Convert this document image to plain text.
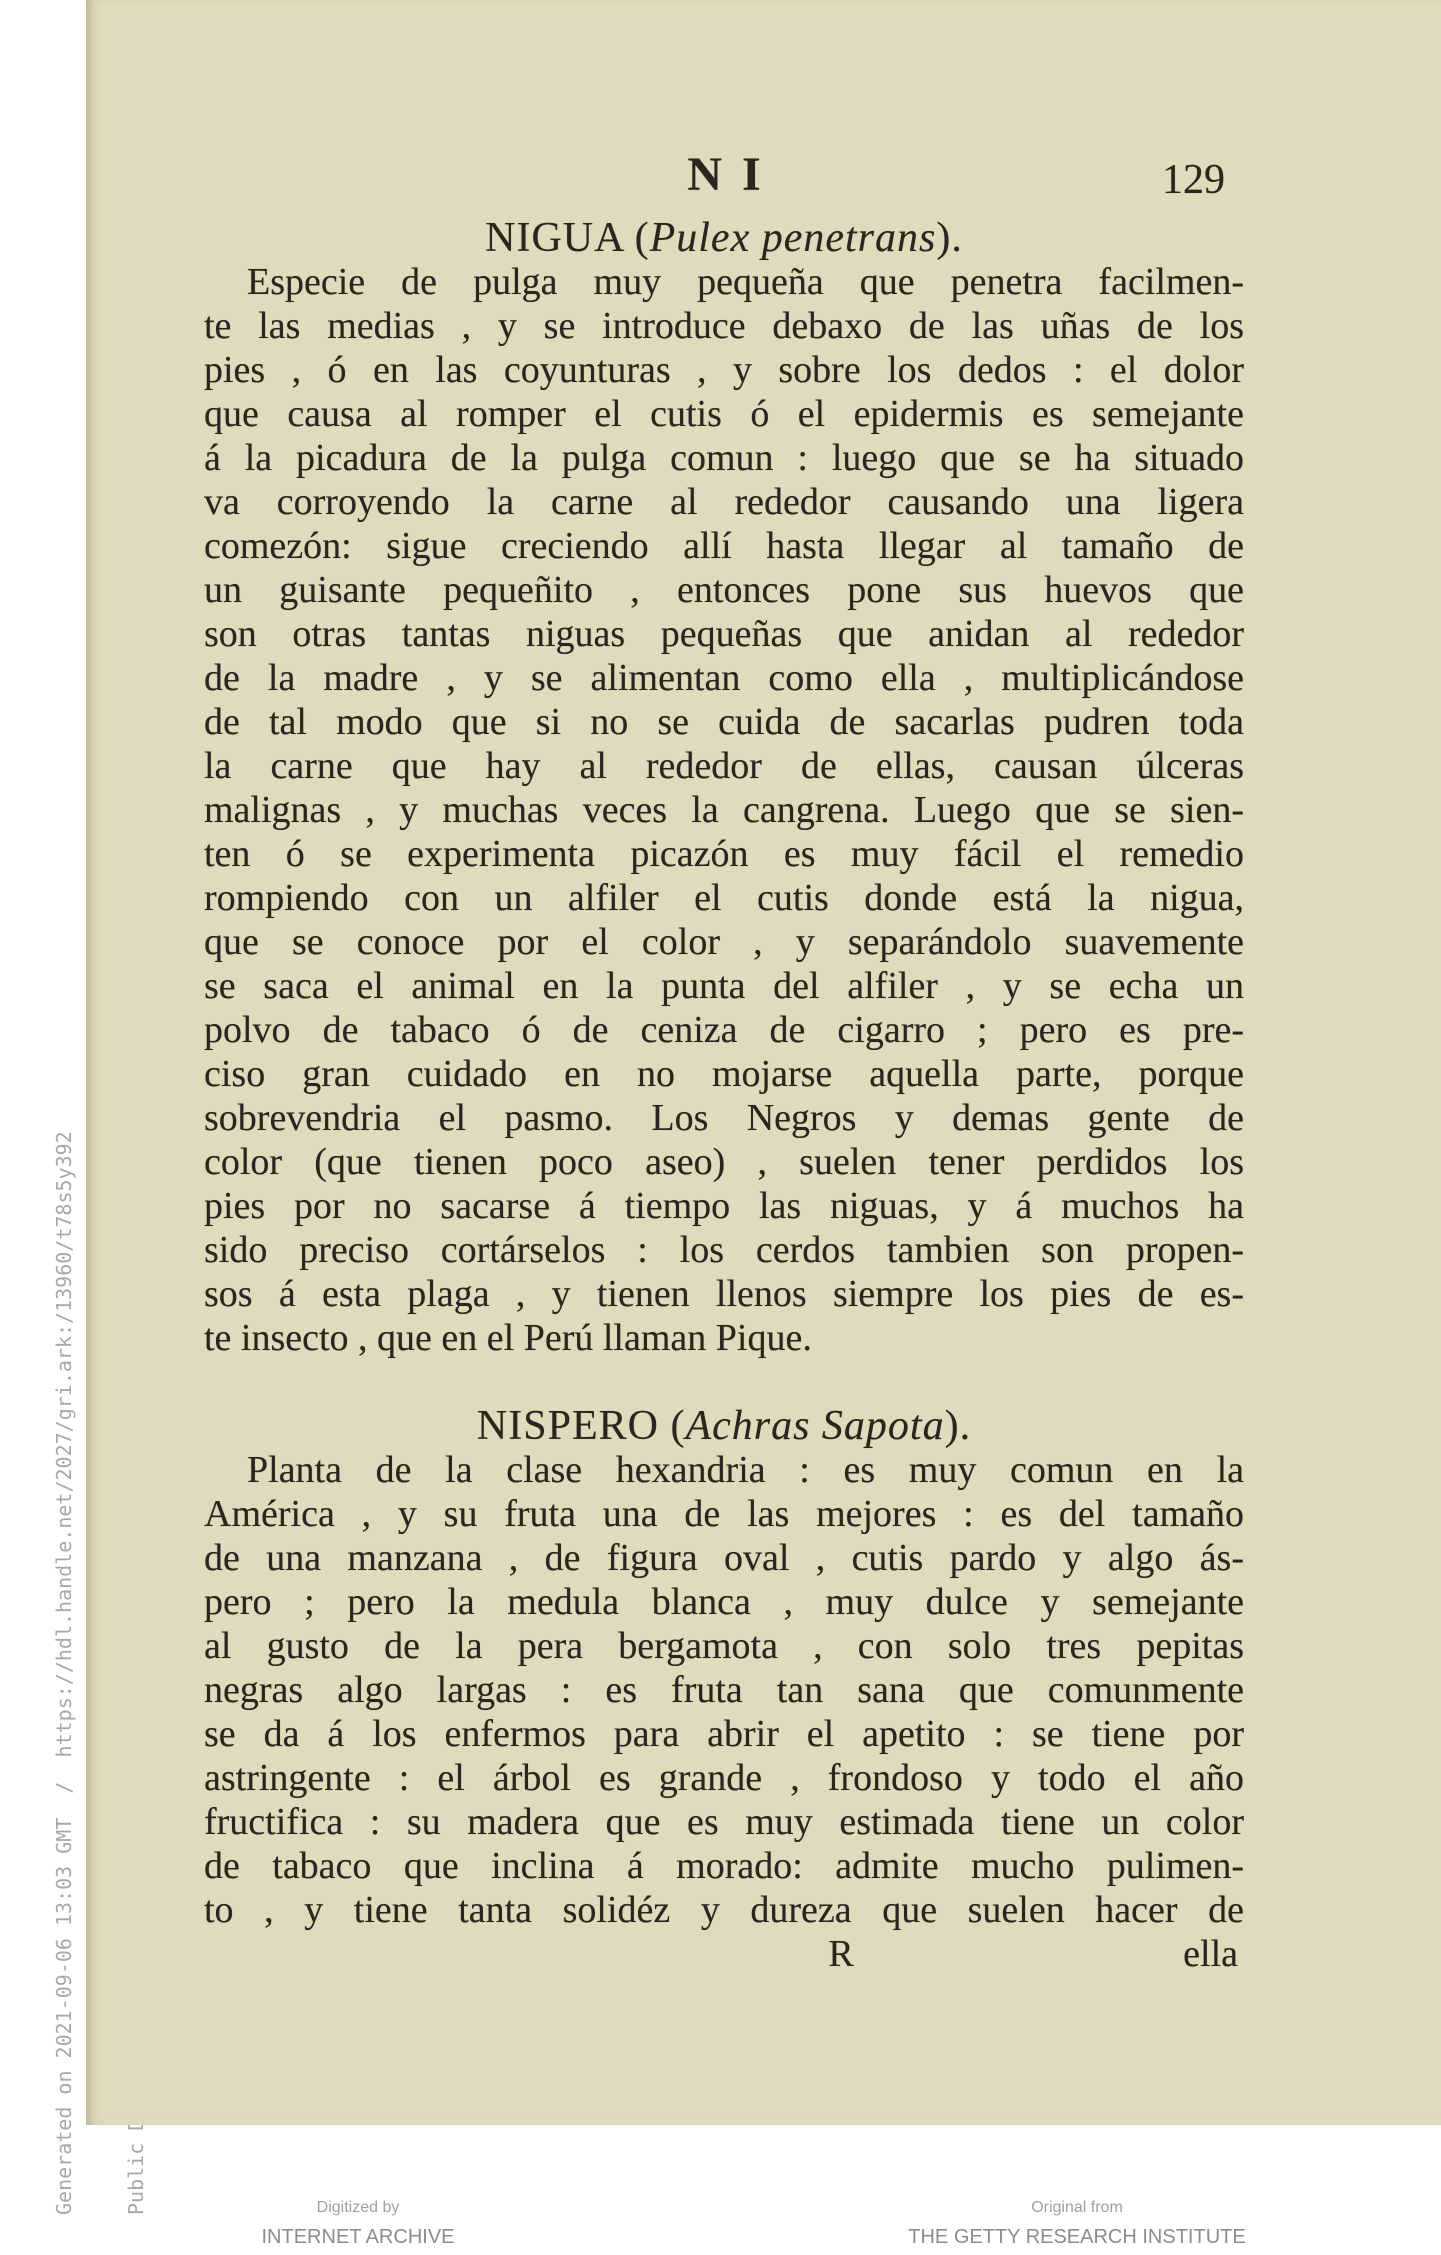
Generated on 2021-09-06 13:03 GMT  /  https://hdl.handle.net/2027/gri.ark:/13960/t78s5y392

N I	129
NIGUA (Pulex penetrans).
Especie de pulga muy pequeña que penetra facilmen-
te las medias , y se introduce debaxo de las uñas de los
pies , ó en las coyunturas , y sobre los dedos : el dolor
que causa al romper el cutis ó el epidermis es semejante
á la picadura de la pulga comun : luego que se ha situado
va corroyendo la carne al rededor causando una ligera
comezón: sigue creciendo allí hasta llegar al tamaño de
un guisante pequeñito , entonces pone sus huevos que
son otras tantas niguas pequeñas que anidan al rededor
de la madre , y se alimentan como ella , multiplicándose
de tal modo que si no se cuida de sacarlas pudren toda
la carne que hay al rededor de ellas, causan úlceras
malignas , y muchas veces la cangrena. Luego que se sien-
ten ó se experimenta picazón es muy fácil el remedio
rompiendo con un alfiler el cutis donde está la nigua,
que se conoce por el color , y separándolo suavemente
se saca el animal en la punta del alfiler , y se echa un
polvo de tabaco ó de ceniza de cigarro ; pero es pre-
ciso gran cuidado en no mojarse aquella parte, porque
sobrevendria el pasmo. Los Negros y demas gente de
color (que tienen poco aseo) , suelen tener perdidos los
pies por no sacarse á tiempo las niguas, y á muchos ha
sido preciso cortárselos : los cerdos tambien son propen-
sos á esta plaga , y tienen llenos siempre los pies de es-
te insecto , que en el Perú llaman Pique.
NISPERO (Achras Sapota).
Planta de la clase hexandria : es muy comun en la
América , y su fruta una de las mejores : es del tamaño
de una manzana , de figura oval , cutis pardo y algo ás-
pero ; pero la medula blanca , muy dulce y semejante
al gusto de la pera bergamota , con solo tres pepitas
negras algo largas : es fruta tan sana que comunmente
se da á los enfermos para abrir el apetito : se tiene por
astringente : el árbol es grande , frondoso y todo el año
fructifica : su madera que es muy estimada tiene un color
de tabaco que inclina á morado: admite mucho pulimen-
to , y tiene tanta solidéz y dureza que suelen hacer de
R	ella
Digitized by
INTERNET ARCHIVE
Original from
THE GETTY RESEARCH INSTITUTE
